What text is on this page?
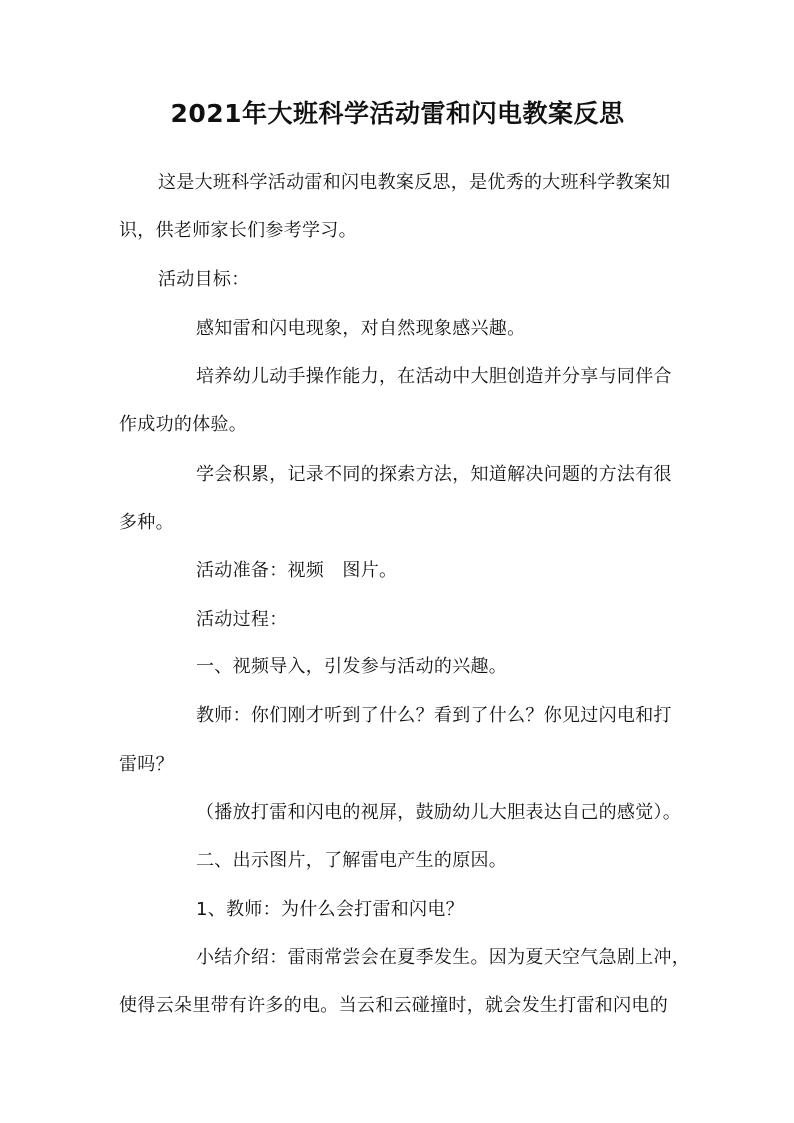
2021年大班科学活动雷和闪电教案反思
这是大班科学活动雷和闪电教案反思，是优秀的大班科学教案知
识，供老师家长们参考学习。
活动目标：
感知雷和闪电现象，对自然现象感兴趣。
培养幼儿动手操作能力，在活动中大胆创造并分享与同伴合
作成功的体验。
学会积累，记录不同的探索方法，知道解决问题的方法有很
多种。
活动准备：视频　图片。
活动过程：
一、视频导入，引发参与活动的兴趣。
教师：你们刚才听到了什么？看到了什么？你见过闪电和打
雷吗？
（播放打雷和闪电的视屏，鼓励幼儿大胆表达自己的感觉）。
二、出示图片，了解雷电产生的原因。
1、教师：为什么会打雷和闪电？
小结介绍：雷雨常尝会在夏季发生。因为夏天空气急剧上冲，
使得云朵里带有许多的电。当云和云碰撞时，就会发生打雷和闪电的
